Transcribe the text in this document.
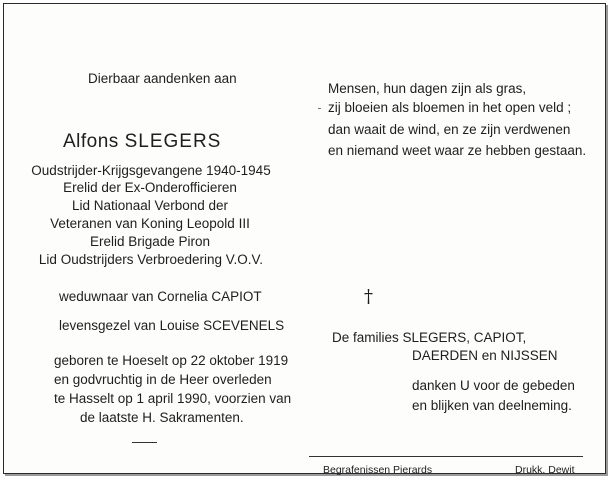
Dierbaar aandenken aan
Alfons SLEGERS
Oudstrijder-Krijgsgevangene 1940-1945
Erelid der Ex-Onderofficieren
Lid Nationaal Verbond der
Veteranen van Koning Leopold III
Erelid Brigade Piron
Lid Oudstrijders Verbroedering V.O.V.
weduwnaar van Cornelia CAPIOT
levensgezel van Louise SCEVENELS
geboren te Hoeselt op 22 oktober 1919
en godvruchtig in de Heer overleden
te Hasselt op 1 april 1990, voorzien van
de laatste H. Sakramenten.
Mensen, hun dagen zijn als gras,
zij bloeien als bloemen in het open veld ;
dan waait de wind, en ze zijn verdwenen
en niemand weet waar ze hebben gestaan.
†
De families SLEGERS, CAPIOT,
DAERDEN en NIJSSEN
danken U voor de gebeden
en blijken van deelneming.
Begrafenissen Pierards	Drukk. Dewit
